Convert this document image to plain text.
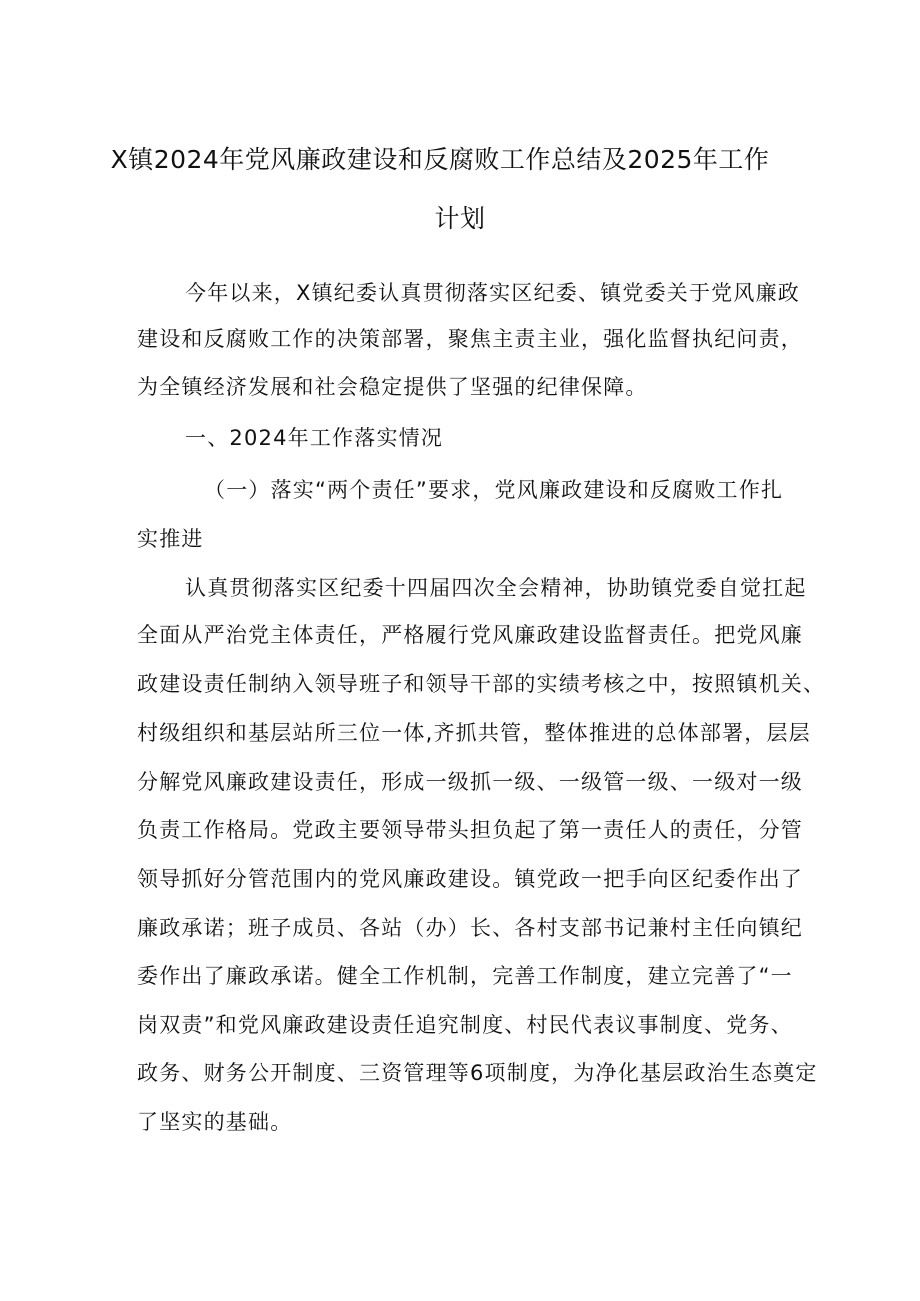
X镇2024年党风廉政建设和反腐败工作总结及2025年工作
计划
今年以来，X镇纪委认真贯彻落实区纪委、镇党委关于党风廉政
建设和反腐败工作的决策部署，聚焦主责主业，强化监督执纪问责，
为全镇经济发展和社会稳定提供了坚强的纪律保障。
一、2024年工作落实情况
（一）落实“两个责任”要求，党风廉政建设和反腐败工作扎
实推进
认真贯彻落实区纪委十四届四次全会精神，协助镇党委自觉扛起
全面从严治党主体责任，严格履行党风廉政建设监督责任。把党风廉
政建设责任制纳入领导班子和领导干部的实绩考核之中，按照镇机关、
村级组织和基层站所三位一体,齐抓共管，整体推进的总体部署，层层
分解党风廉政建设责任，形成一级抓一级、一级管一级、一级对一级
负责工作格局。党政主要领导带头担负起了第一责任人的责任，分管
领导抓好分管范围内的党风廉政建设。镇党政一把手向区纪委作出了
廉政承诺；班子成员、各站（办）长、各村支部书记兼村主任向镇纪
委作出了廉政承诺。健全工作机制，完善工作制度，建立完善了“一
岗双责”和党风廉政建设责任追究制度、村民代表议事制度、党务、
政务、财务公开制度、三资管理等6项制度，为净化基层政治生态奠定
了坚实的基础。
